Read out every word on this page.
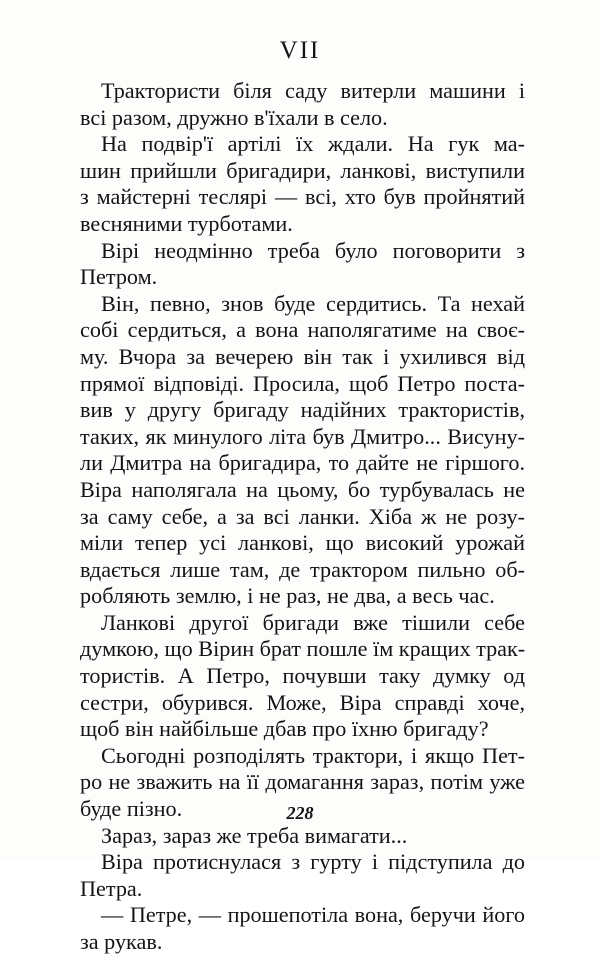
VII
Трактористи біля саду витерли машини і
всі разом, дружно в'їхали в село.
На подвір'ї артілі їх ждали. На гук ма-
шин прийшли бригадири, ланкові, виступили
з майстерні теслярі — всі, хто був пройнятий
весняними турботами.
Вірі неодмінно треба було поговорити з
Петром.
Він, певно, знов буде сердитись. Та нехай
собі сердиться, а вона наполягатиме на своє-
му. Вчора за вечерею він так і ухилився від
прямої відповіді. Просила, щоб Петро поста-
вив у другу бригаду надійних трактористів,
таких, як минулого літа був Дмитро... Висуну-
ли Дмитра на бригадира, то дайте не гіршого.
Віра наполягала на цьому, бо турбувалась не
за саму себе, а за всі ланки. Хіба ж не розу-
міли тепер усі ланкові, що високий урожай
вдається лише там, де трактором пильно об-
робляють землю, і не раз, не два, а весь час.
Ланкові другої бригади вже тішили себе
думкою, що Вірин брат пошле їм кращих трак-
тористів. А Петро, почувши таку думку од
сестри, обурився. Може, Віра справді хоче,
щоб він найбільше дбав про їхню бригаду?
Сьогодні розподілять трактори, і якщо Пет-
ро не зважить на її домагання зараз, потім уже
буде пізно.
Зараз, зараз же треба вимагати...
Віра протиснулася з гурту і підступила до
Петра.
— Петре, — прошепотіла вона, беручи його
за рукав.
228
